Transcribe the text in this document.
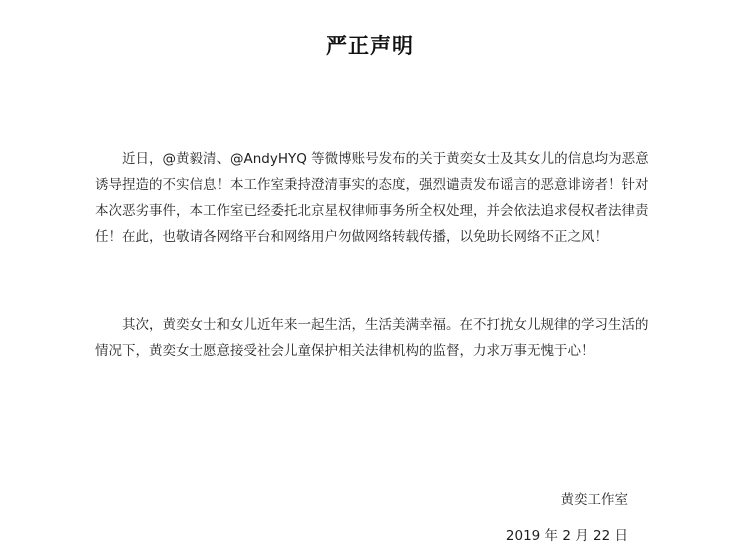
严正声明

近日，@黄毅清、@AndyHYQ 等微博账号发布的关于黄奕女士及其女儿的信息均为恶意诱导捏造的不实信息！本工作室秉持澄清事实的态度，强烈谴责发布谣言的恶意诽谤者！针对本次恶劣事件，本工作室已经委托北京星权律师事务所全权处理，并会依法追求侵权者法律责任！在此，也敬请各网络平台和网络用户勿做网络转载传播，以免助长网络不正之风！

其次，黄奕女士和女儿近年来一起生活，生活美满幸福。在不打扰女儿规律的学习生活的情况下，黄奕女士愿意接受社会儿童保护相关法律机构的监督，力求万事无愧于心！

黄奕工作室
2019 年 2 月 22 日
